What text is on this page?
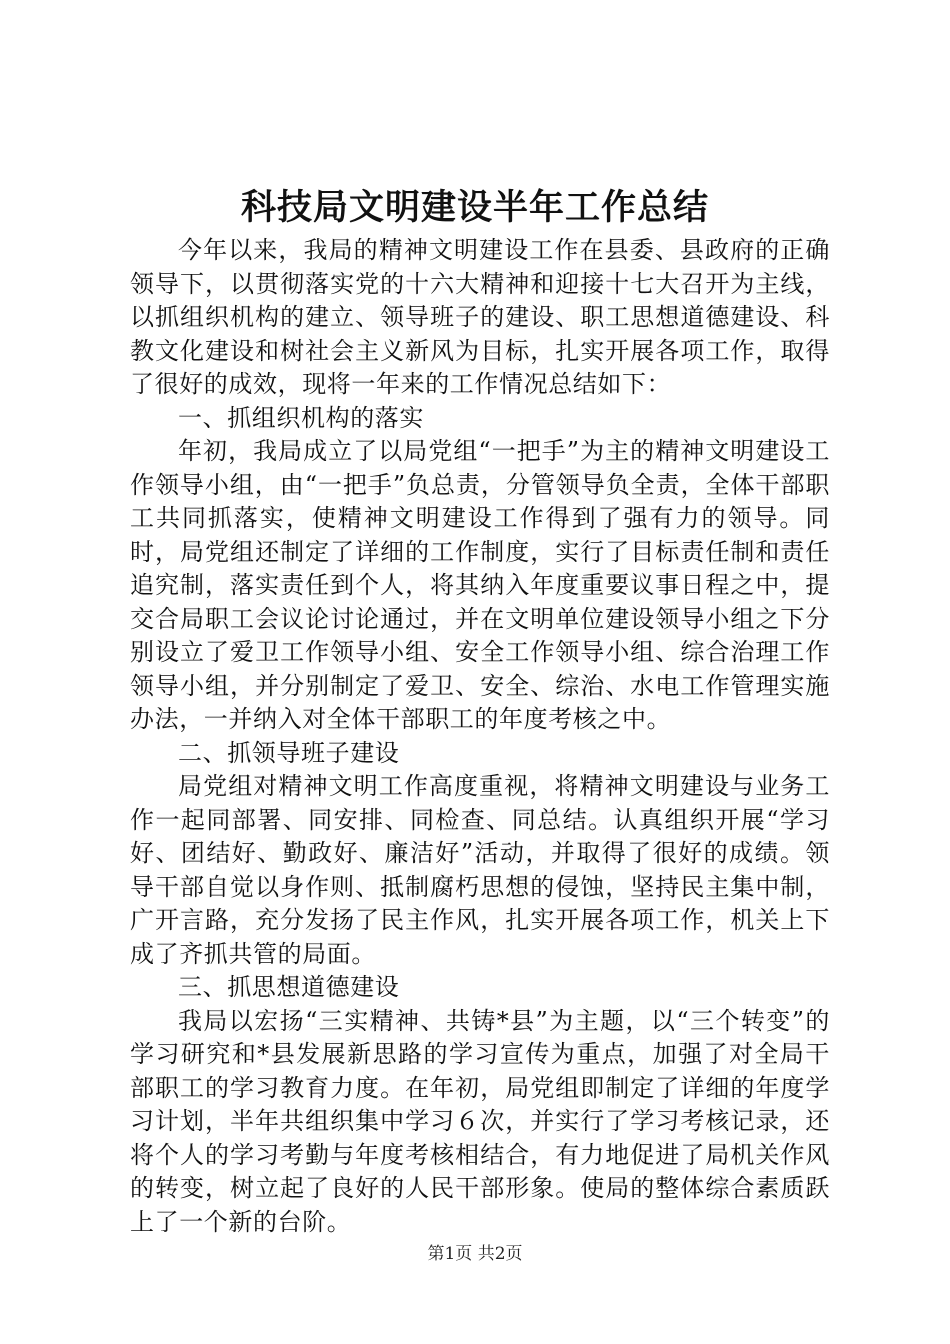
科技局文明建设半年工作总结

今年以来，我局的精神文明建设工作在县委、县政府的正确领导下，以贯彻落实党的十六大精神和迎接十七大召开为主线，以抓组织机构的建立、领导班子的建设、职工思想道德建设、科教文化建设和树社会主义新风为目标，扎实开展各项工作，取得了很好的成效，现将一年来的工作情况总结如下：

一、抓组织机构的落实

年初，我局成立了以局党组“一把手”为主的精神文明建设工作领导小组，由“一把手”负总责，分管领导负全责，全体干部职工共同抓落实，使精神文明建设工作得到了强有力的领导。同时，局党组还制定了详细的工作制度，实行了目标责任制和责任追究制，落实责任到个人，将其纳入年度重要议事日程之中，提交合局职工会议论讨论通过，并在文明单位建设领导小组之下分别设立了爱卫工作领导小组、安全工作领导小组、综合治理工作领导小组，并分别制定了爱卫、安全、综治、水电工作管理实施办法，一并纳入对全体干部职工的年度考核之中。

二、抓领导班子建设

局党组对精神文明工作高度重视，将精神文明建设与业务工作一起同部署、同安排、同检查、同总结。认真组织开展“学习好、团结好、勤政好、廉洁好”活动，并取得了很好的成绩。领导干部自觉以身作则、抵制腐朽思想的侵蚀，坚持民主集中制，广开言路，充分发扬了民主作风，扎实开展各项工作，机关上下成了齐抓共管的局面。

三、抓思想道德建设

我局以宏扬“三实精神、共铸*县”为主题，以“三个转变”的学习研究和*县发展新思路的学习宣传为重点，加强了对全局干部职工的学习教育力度。在年初，局党组即制定了详细的年度学习计划，半年共组织集中学习６次，并实行了学习考核记录，还将个人的学习考勤与年度考核相结合，有力地促进了局机关作风的转变，树立起了良好的人民干部形象。使局的整体综合素质跃上了一个新的台阶。

第1页 共2页
